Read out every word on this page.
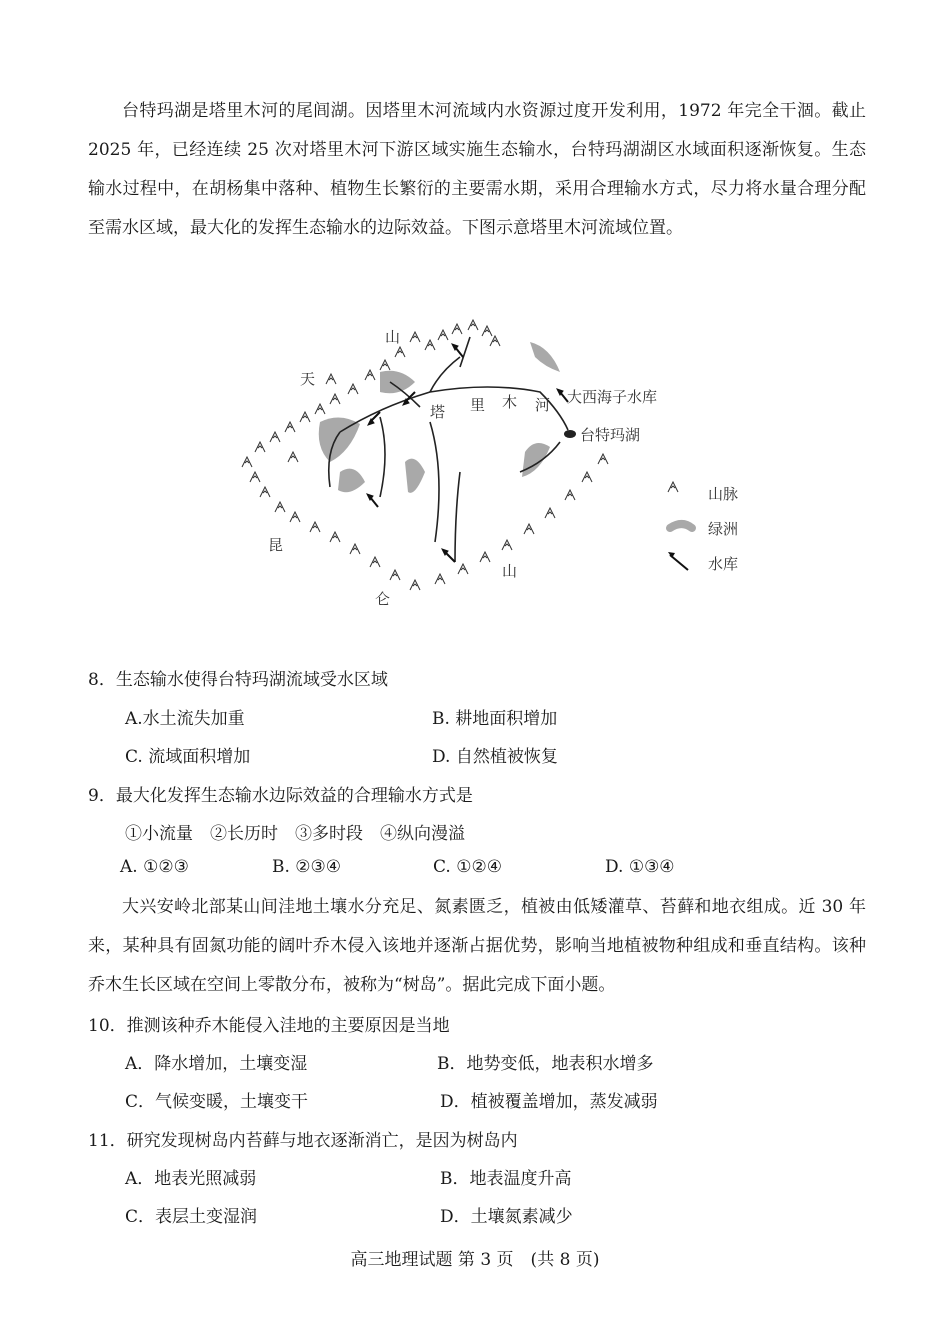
台特玛湖是塔里木河的尾闾湖。因塔里木河流域内水资源过度开发利用，1972 年完全干涸。截止 2025 年，已经连续 25 次对塔里木河下游区域实施生态输水，台特玛湖湖区水域面积逐渐恢复。生态输水过程中，在胡杨集中落种、植物生长繁衍的主要需水期，采用合理输水方式，尽力将水量合理分配至需水区域，最大化的发挥生态输水的边际效益。下图示意塔里木河流域位置。

山
天
塔 里 木 河 大西海子水库
台特玛湖
昆
仑
山
山脉
绿洲
水库
8．生态输水使得台特玛湖流域受水区域
A.水土流失加重	B. 耕地面积增加
C. 流域面积增加	D. 自然植被恢复
9．最大化发挥生态输水边际效益的合理输水方式是
①小流量　②长历时　③多时段　④纵向漫溢
A. ①②③	B. ②③④	C. ①②④	D. ①③④

大兴安岭北部某山间洼地土壤水分充足、氮素匮乏，植被由低矮灌草、苔藓和地衣组成。近 30 年来，某种具有固氮功能的阔叶乔木侵入该地并逐渐占据优势，影响当地植被物种组成和垂直结构。该种乔木生长区域在空间上零散分布，被称为“树岛”。据此完成下面小题。

10．推测该种乔木能侵入洼地的主要原因是当地
A．降水增加，土壤变湿	B．地势变低，地表积水增多
C．气候变暖，土壤变干	D．植被覆盖增加，蒸发减弱
11．研究发现树岛内苔藓与地衣逐渐消亡，是因为树岛内
A．地表光照减弱	B．地表温度升高
C．表层土变湿润	D．土壤氮素减少
高三地理试题 第 3 页　(共 8 页)
